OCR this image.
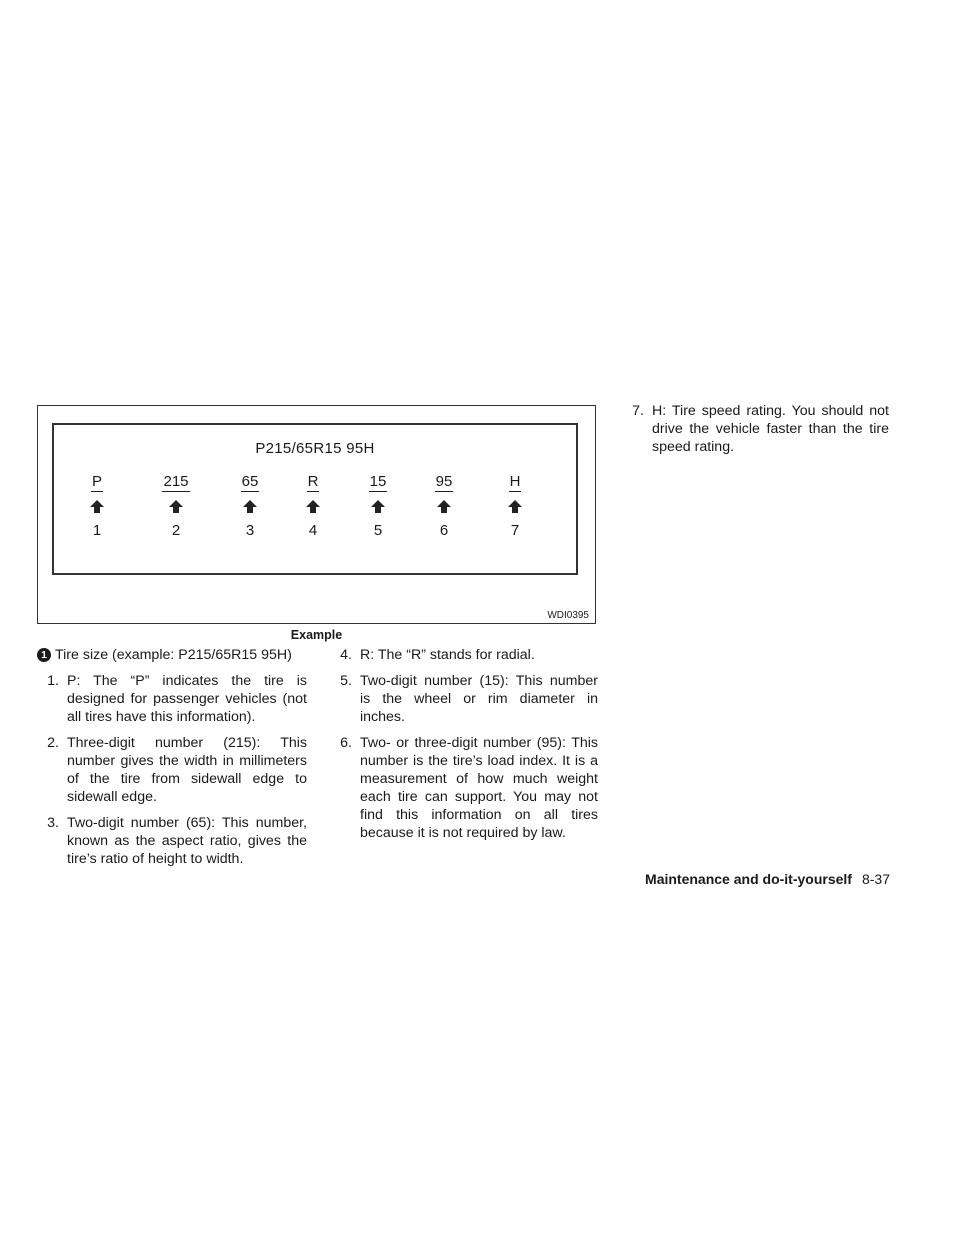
P215/65R15 95H
P
1
215
2
65
3
R
4
15
5
95
6
H
7
WDI0395
Example
1 Tire size (example: P215/65R15 95H)
1. P: The “P” indicates the tire is designed for passenger vehicles (not all tires have this information).
2. Three-digit number (215): This number gives the width in millimeters of the tire from sidewall edge to sidewall edge.
3. Two-digit number (65): This number, known as the aspect ratio, gives the tire’s ratio of height to width.
4. R: The “R” stands for radial.
5. Two-digit number (15): This number is the wheel or rim diameter in inches.
6. Two- or three-digit number (95): This number is the tire’s load index. It is a measurement of how much weight each tire can support. You may not find this information on all tires because it is not required by law.
7. H: Tire speed rating. You should not drive the vehicle faster than the tire speed rating.
Maintenance and do-it-yourself 8-37
